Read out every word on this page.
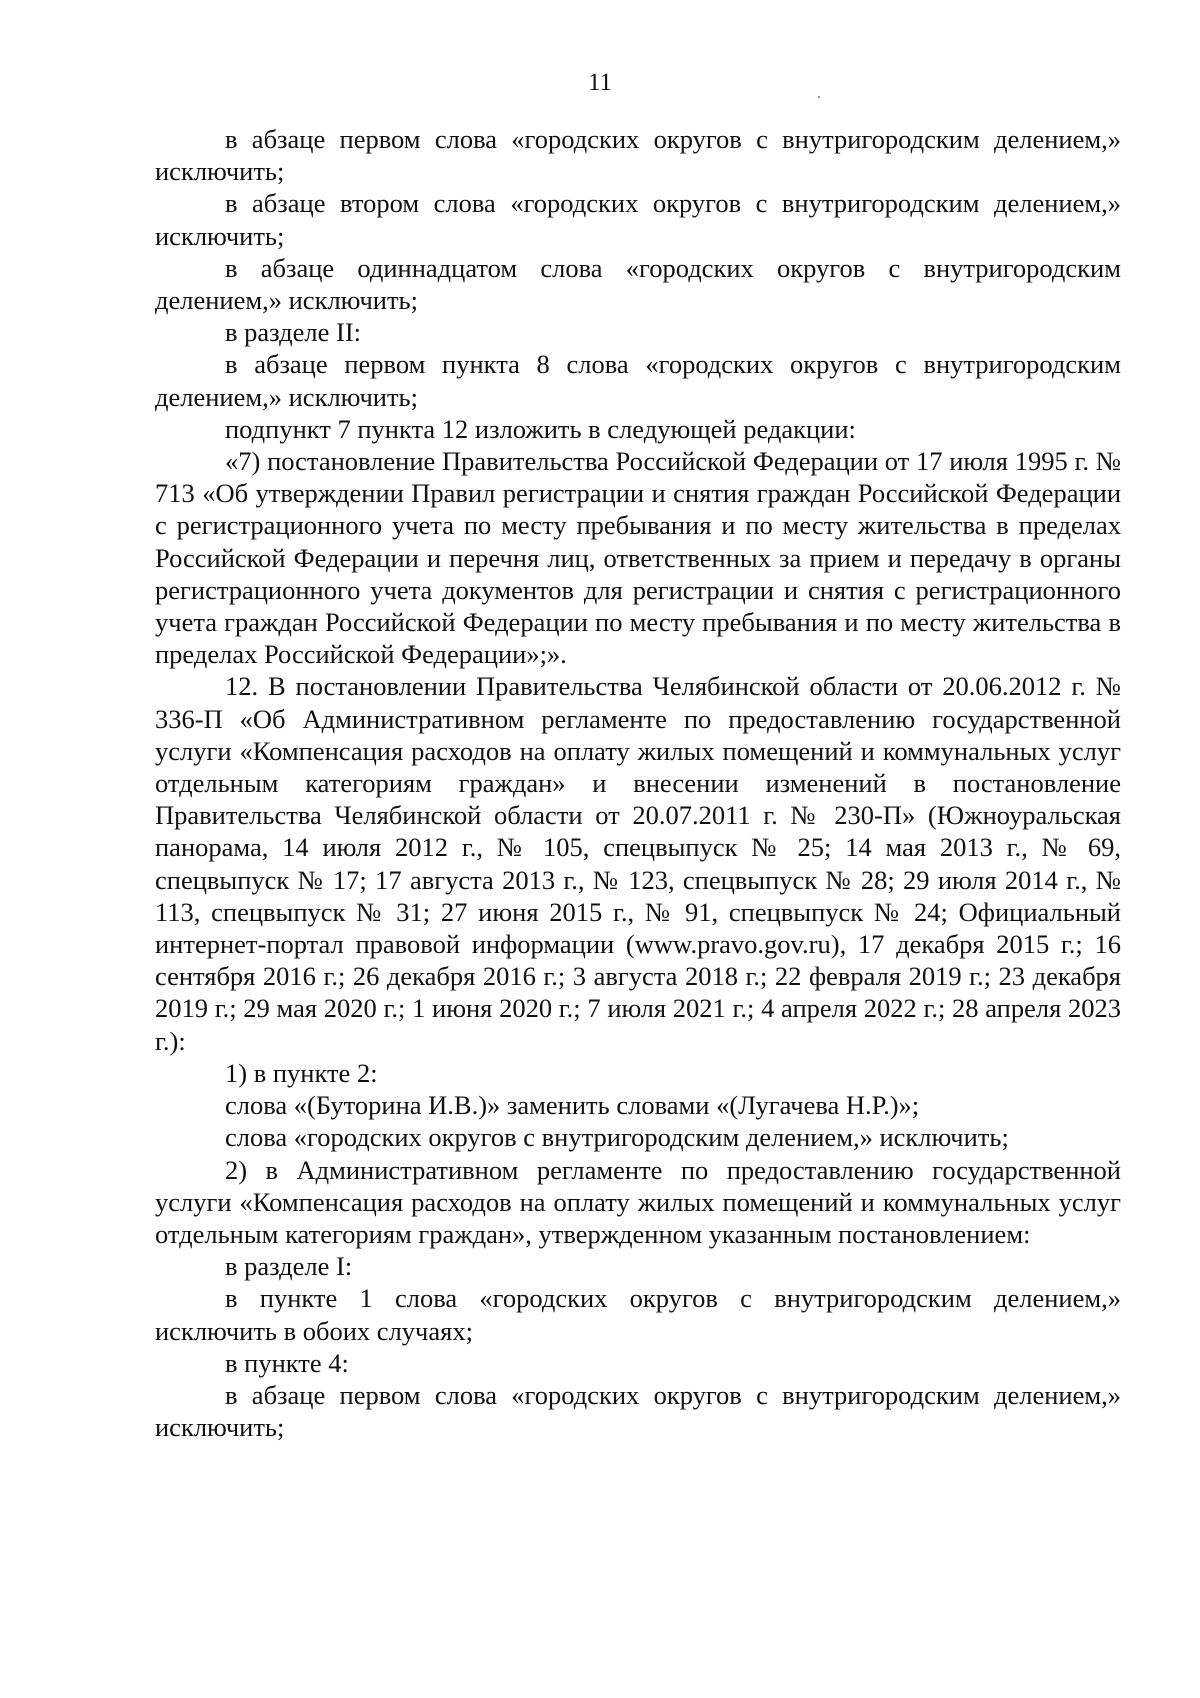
11

в абзаце первом слова «городских округов с внутригородским делением,» исключить;

в абзаце втором слова «городских округов с внутригородским делением,» исключить;

в абзаце одиннадцатом слова «городских округов с внутригородским делением,» исключить;

в разделе II:

в абзаце первом пункта 8 слова «городских округов с внутригородским делением,» исключить;

подпункт 7 пункта 12 изложить в следующей редакции:

«7) постановление Правительства Российской Федерации от 17 июля 1995 г. № 713 «Об утверждении Правил регистрации и снятия граждан Российской Федерации с регистрационного учета по месту пребывания и по месту жительства в пределах Российской Федерации и перечня лиц, ответственных за прием и передачу в органы регистрационного учета документов для регистрации и снятия с регистрационного учета граждан Российской Федерации по месту пребывания и по месту жительства в пределах Российской Федерации»;».

12. В постановлении Правительства Челябинской области от 20.06.2012 г. № 336-П «Об Административном регламенте по предоставлению государственной услуги «Компенсация расходов на оплату жилых помещений и коммунальных услуг отдельным категориям граждан» и внесении изменений в постановление Правительства Челябинской области от 20.07.2011 г. № 230-П» (Южноуральская панорама, 14 июля 2012 г., № 105, спецвыпуск № 25; 14 мая 2013 г., № 69, спецвыпуск № 17; 17 августа 2013 г., № 123, спецвыпуск № 28; 29 июля 2014 г., № 113, спецвыпуск № 31; 27 июня 2015 г., № 91, спецвыпуск № 24; Официальный интернет-портал правовой информации (www.pravo.gov.ru), 17 декабря 2015 г.; 16 сентября 2016 г.; 26 декабря 2016 г.; 3 августа 2018 г.; 22 февраля 2019 г.; 23 декабря 2019 г.; 29 мая 2020 г.; 1 июня 2020 г.; 7 июля 2021 г.; 4 апреля 2022 г.; 28 апреля 2023 г.):

1) в пункте 2:

слова «(Буторина И.В.)» заменить словами «(Лугачева Н.Р.)»;

слова «городских округов с внутригородским делением,» исключить;

2) в Административном регламенте по предоставлению государственной услуги «Компенсация расходов на оплату жилых помещений и коммунальных услуг отдельным категориям граждан», утвержденном указанным постановлением:

в разделе I:

в пункте 1 слова «городских округов с внутригородским делением,» исключить в обоих случаях;

в пункте 4:

в абзаце первом слова «городских округов с внутригородским делением,» исключить;
